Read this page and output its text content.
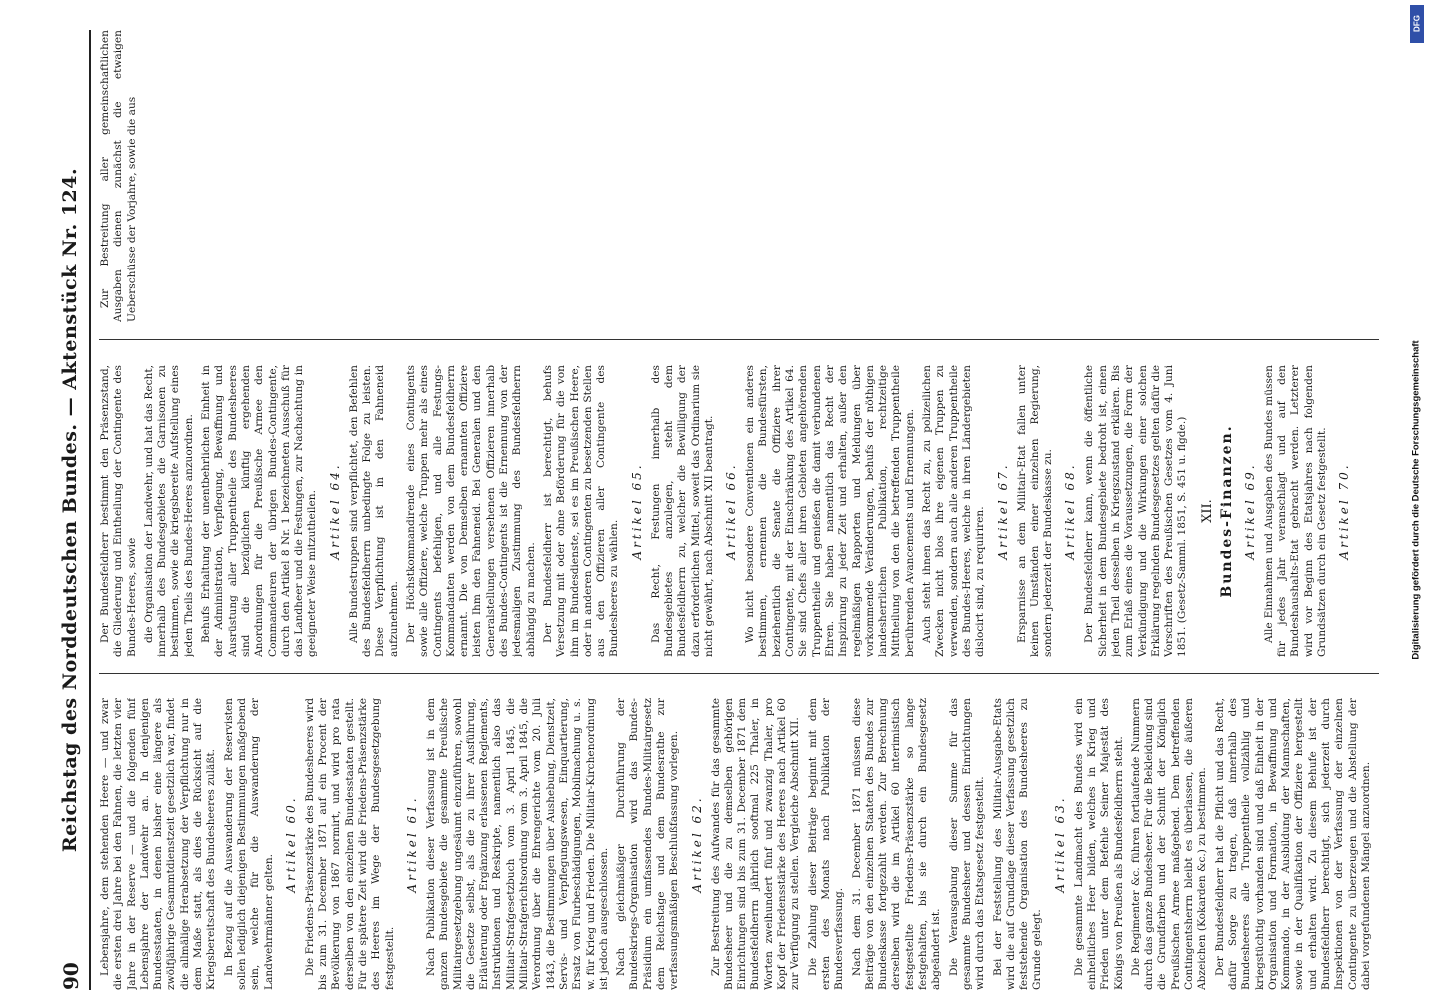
90
Reichstag des Norddeutschen Bundes. — Aktenstück Nr. 124. Lebensjahre, dem stehenden Heere — und zwar die ersten drei Jahre bei den Fahnen, die letzten vier Jahre in der Reserve — und die folgenden fünf Lebensjahre der Landwehr an. In denjenigen Bundesstaaten, in denen bisher eine längere als zwölfjährige Gesammtdienstzeit gesetzlich war, findet die allmälige Herabsetzung der Verpflichtung nur in dem Maße statt, als dies die Rücksicht auf die Kriegsbereitschaft des Bundesheeres zuläßt. In Bezug auf die Auswanderung der Reservisten sollen lediglich diejenigen Bestimmungen maßgebend sein, welche für die Auswanderung der Landwehrmänner gelten.

Artikel 60. Die Friedens-Präsenzstärke des Bundesheeres wird bis zum 31. December 1871 auf ein Procent der Bevölkerung von 1867 normirt, und wird pro rata derselben von den einzelnen Bundesstaaten gestellt. Für die spätere Zeit wird die Friedens-Präsenzstärke des Heeres im Wege der Bundesgesetzgebung festgestellt.

Artikel 61. Nach Publikation dieser Verfassung ist in dem ganzen Bundesgebiete die gesammte Preußische Militairgesetzgebung ungesäumt einzuführen, sowohl die Gesetze selbst, als die zu ihrer Ausführung, Erläuterung oder Ergänzung erlassenen Reglements, Instruktionen und Reskripte, namentlich also das Militair-Strafgesetzbuch vom 3. April 1845, die Militair-Strafgerichtsordnung vom 3. April 1845, die Verordnung über die Ehrengerichte vom 20. Juli 1843, die Bestimmungen über Aushebung, Dienstzeit, Servis- und Verpflegungswesen, Einquartierung, Ersatz von Flurbeschädigungen, Mobilmachung u. s. w. für Krieg und Frieden. Die Militair-Kirchenordnung ist jedoch ausgeschlossen. Nach gleichmäßiger Durchführung der Bundeskriegs-Organisation wird das Bundes-Präsidium ein umfassendes Bundes-Militairgesetz dem Reichstage und dem Bundesrathe zur verfassungsmäßigen Beschlußfassung vorlegen. Artikel 62. Zur Bestreitung des Aufwandes für das gesammte Bundesheer und die zu demselben gehörigen Einrichtungen sind bis zum 31. December 1871 dem Bundesfeldherrn jährlich sooftmal 225 Thaler, in Worten zweihundert fünf und zwanzig Thaler, pro Kopf der Friedensstärke des Heeres nach Artikel 60 zur Verfügung zu stellen. Vergleiche Abschnitt XII. Die Zahlung dieser Beiträge beginnt mit dem ersten des Monats nach Publikation der Bundesverfassung. Nach dem 31. December 1871 müssen diese Beiträge von den einzelnen Staaten des Bundes zur Bundeskasse fortgezahlt werden. Zur Berechnung derselben wird die im Artikel 60 interimistisch festgestellte Friedens-Präsenzstärke so lange festgehalten, bis sie durch ein Bundesgesetz abgeändert ist. Die Verausgabung dieser Summe für das gesammte Bundesheer und dessen Einrichtungen wird durch das Etatsgesetz festgestellt. Bei der Feststellung des Militair-Ausgabe-Etats wird die auf Grundlage dieser Verfassung gesetzlich feststehende Organisation des Bundesheeres zu Grunde gelegt.

Artikel 63. Die gesammte Landmacht des Bundes wird ein einheitliches Heer bilden, welches in Krieg und Frieden unter dem Befehle Seiner Majestät des Königs von Preußen als Bundesfeldherrn steht. Die Regimenter &c. führen fortlaufende Nummern durch das ganze Bundesheer. Für die Bekleidung sind die Grundfarben und der Schnitt der Königlich Preußischen Armee maßgebend. Dem betreffenden Contingentsherrn bleibt es überlassen, die äußeren Abzeichen (Kokarden &c.) zu bestimmen. Der Bundesfeldherr hat die Pflicht und das Recht, dafür Sorge zu tragen, daß innerhalb des Bundesheeres alle Truppentheile vollzählig und kriegstüchtig vorhanden sind und daß Einheit in der Organisation und Formation, in Bewaffnung und Kommando, in der Ausbildung der Mannschaften, sowie in der Qualifikation der Offiziere hergestellt und erhalten wird. Zu diesem Behufe ist der Bundesfeldherr berechtigt, sich jederzeit durch Inspektionen von der Verfassung der einzelnen Contingente zu überzeugen und die Abstellung der dabei vorgefundenen Mängel anzuordnen.

Der Bundesfeldherr bestimmt den Präsenzstand, die Gliederung und Eintheilung der Contingente des Bundes-Heeres, sowie die Organisation der Landwehr, und hat das Recht, innerhalb des Bundesgebietes die Garnisonen zu bestimmen, sowie die kriegsbereite Aufstellung eines jeden Theils des Bundes-Heeres anzuordnen. Behufs Erhaltung der unentbehrlichen Einheit in der Administration, Verpflegung, Bewaffnung und Ausrüstung aller Truppentheile des Bundesheeres sind die bezüglichen künftig ergehenden Anordnungen für die Preußische Armee den Commandeuren der übrigen Bundes-Contingente, durch den Artikel 8 Nr. 1 bezeichneten Ausschuß für das Landheer und die Festungen, zur Nachachtung in geeigneter Weise mitzutheilen. Artikel 64. Alle Bundestruppen sind verpflichtet, den Befehlen des Bundesfeldherrn unbedingte Folge zu leisten. Diese Verpflichtung ist in den Fahneneid aufzunehmen. Der Höchstkommandirende eines Contingents sowie alle Offiziere, welche Truppen mehr als eines Contingents befehligen, und alle Festungs-Kommandanten werden von dem Bundesfeldherrn ernannt. Die von Demselben ernannten Offiziere leisten Ihm den Fahneneid. Bei Generalen und den Generalstellungen versehenen Offizieren innerhalb des Bundes-Contingents ist die Ernennung von der jedesmaligen Zustimmung des Bundesfeldherrn abhängig zu machen. Der Bundesfeldherr ist berechtigt, behufs Versetzung mit oder ohne Beförderung für die von ihm im Bundesdienste, sei es im Preußischen Heere, oder in anderen Contingenten zu besetzenden Stellen aus den Offizieren aller Contingente des Bundesheeres zu wählen.

Artikel 65. Das Recht, Festungen innerhalb des Bundesgebietes anzulegen, steht dem Bundesfeldherrn zu, welcher die Bewilligung der dazu erforderlichen Mittel, soweit das Ordinarium sie nicht gewährt, nach Abschnitt XII beantragt. Artikel 66. Wo nicht besondere Conventionen ein anderes bestimmen, ernennen die Bundesfürsten, beziehentlich die Senate die Offiziere ihrer Contingente, mit der Einschränkung des Artikel 64. Sie sind Chefs aller ihren Gebieten angehörenden Truppentheile und genießen die damit verbundenen Ehren. Sie haben namentlich das Recht der Inspizirung zu jeder Zeit und erhalten, außer den regelmäßigen Rapporten und Meldungen über vorkommende Veränderungen, behufs der nöthigen landesherrlichen Publikation, rechtzeitige Mittheilung von den die betreffenden Truppentheile berührenden Avancements und Ernennungen. Auch steht ihnen das Recht zu, zu polizeilichen Zwecken nicht blos ihre eigenen Truppen zu verwenden, sondern auch alle anderen Truppentheile des Bundes-Heeres, welche in ihren Ländergebieten dislocirt sind, zu requiriren. Artikel 67. Ersparnisse an dem Militair-Etat fallen unter keinen Umständen einer einzelnen Regierung, sondern jederzeit der Bundeskasse zu. Artikel 68. Der Bundesfeldherr kann, wenn die öffentliche Sicherheit in dem Bundesgebiete bedroht ist, einen jeden Theil desselben in Kriegszustand erklären. Bis zum Erlaß eines die Voraussetzungen, die Form der Verkündigung und die Wirkungen einer solchen Erklärung regelnden Bundesgesetzes gelten dafür die Vorschriften des Preußischen Gesetzes vom 4. Juni 1851. (Gesetz-Samml. 1851, S. 451 u. flgde.) XII. Bundes-Finanzen. Artikel 69. Alle Einnahmen und Ausgaben des Bundes müssen für jedes Jahr veranschlagt und auf den Bundeshaushalts-Etat gebracht werden. Letzterer wird vor Beginn des Etatsjahres nach folgenden Grundsätzen durch ein Gesetz festgestellt. Artikel 70.

Zur Bestreitung aller gemeinschaftlichen Ausgaben dienen zunächst die etwaigen Ueberschüsse der Vorjahre, sowie die aus

Digitalisierung gefördert durch die Deutsche Forschungsgemeinschaft
DFG
